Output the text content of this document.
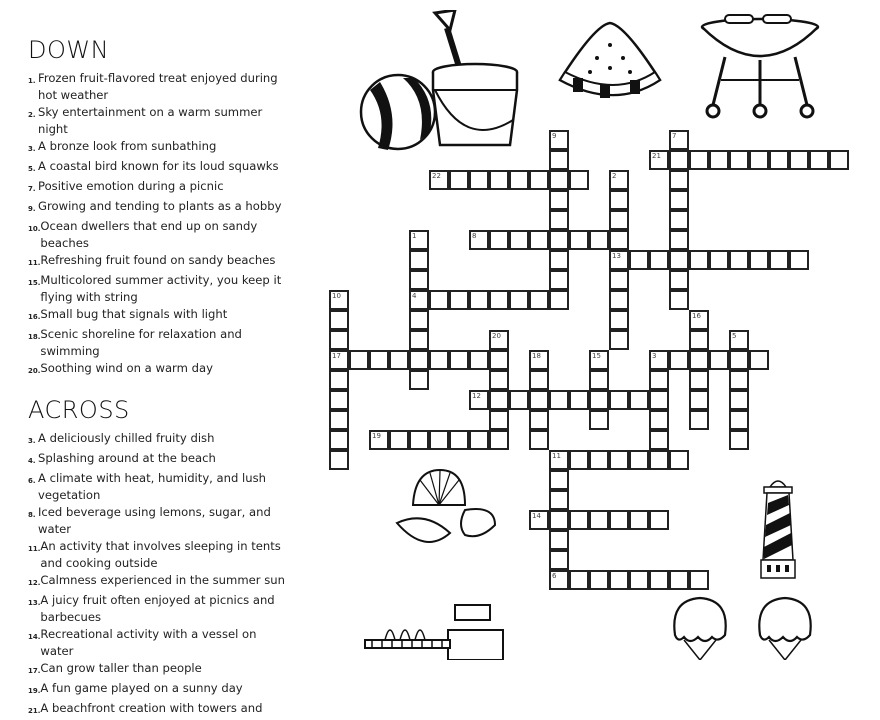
DOWN
1. Frozen fruit-flavored treat enjoyed during hot weather
2. Sky entertainment on a warm summer night
3. A bronze look from sunbathing
5. A coastal bird known for its loud squawks
7. Positive emotion during a picnic
9. Growing and tending to plants as a hobby
10. Ocean dwellers that end up on sandy beaches
11. Refreshing fruit found on sandy beaches
15. Multicolored summer activity, you keep it flying with string
16. Small bug that signals with light
18. Scenic shoreline for relaxation and swimming
20. Soothing wind on a warm day
ACROSS
3. A deliciously chilled fruity dish
4. Splashing around at the beach
6. A climate with heat, humidity, and lush vegetation
8. Iced beverage using lemons, sugar, and water
11. An activity that involves sleeping in tents and cooking outside
12. Calmness experienced in the summer sun
13. A juicy fruit often enjoyed at picnics and barbecues
14. Recreational activity with a vessel on water
17. Can grow taller than people
19. A fun game played on a sunny day
21. A beachfront creation with towers and
9	7
21
22	2
13
1
4
8
10
17
16
20	5
18	15	3
12
19
11
6
14
